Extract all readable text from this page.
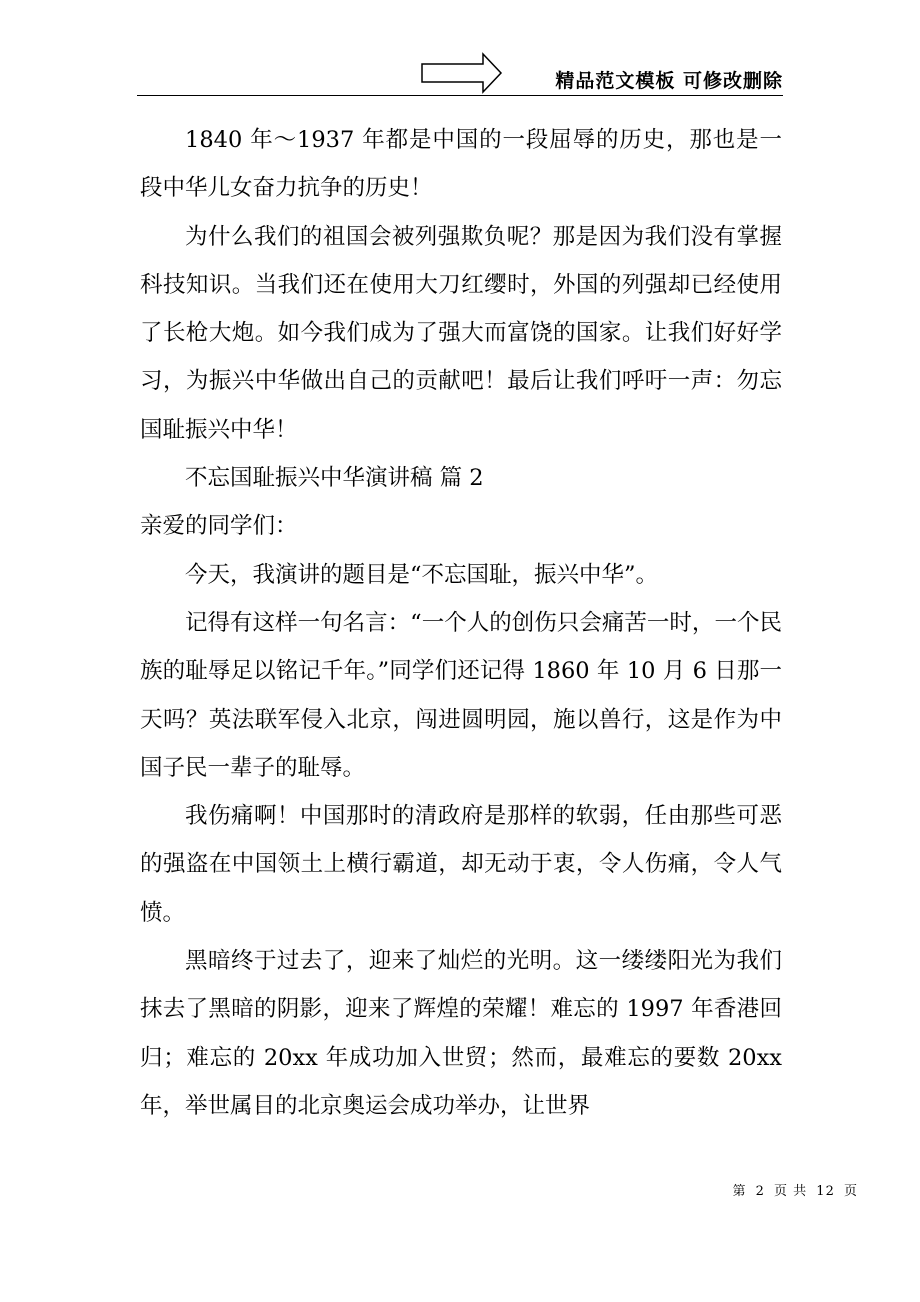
精品范文模板 可修改删除

1840 年～1937 年都是中国的一段屈辱的历史，那也是一段中华儿女奋力抗争的历史！

为什么我们的祖国会被列强欺负呢？那是因为我们没有掌握科技知识。当我们还在使用大刀红缨时，外国的列强却已经使用了长枪大炮。如今我们成为了强大而富饶的国家。让我们好好学习，为振兴中华做出自己的贡献吧！最后让我们呼吁一声：勿忘国耻振兴中华！

不忘国耻振兴中华演讲稿 篇 2

亲爱的同学们：

今天，我演讲的题目是“不忘国耻，振兴中华”。

记得有这样一句名言：“一个人的创伤只会痛苦一时，一个民族的耻辱足以铭记千年。”同学们还记得 1860 年 10 月 6 日那一天吗？英法联军侵入北京，闯进圆明园，施以兽行，这是作为中国子民一辈子的耻辱。

我伤痛啊！中国那时的清政府是那样的软弱，任由那些可恶的强盗在中国领土上横行霸道，却无动于衷，令人伤痛，令人气愤。

黑暗终于过去了，迎来了灿烂的光明。这一缕缕阳光为我们抹去了黑暗的阴影，迎来了辉煌的荣耀！难忘的 1997 年香港回归；难忘的 20xx 年成功加入世贸；然而，最难忘的要数 20xx 年，举世属目的北京奥运会成功举办，让世界

第 2 页 共 12 页
